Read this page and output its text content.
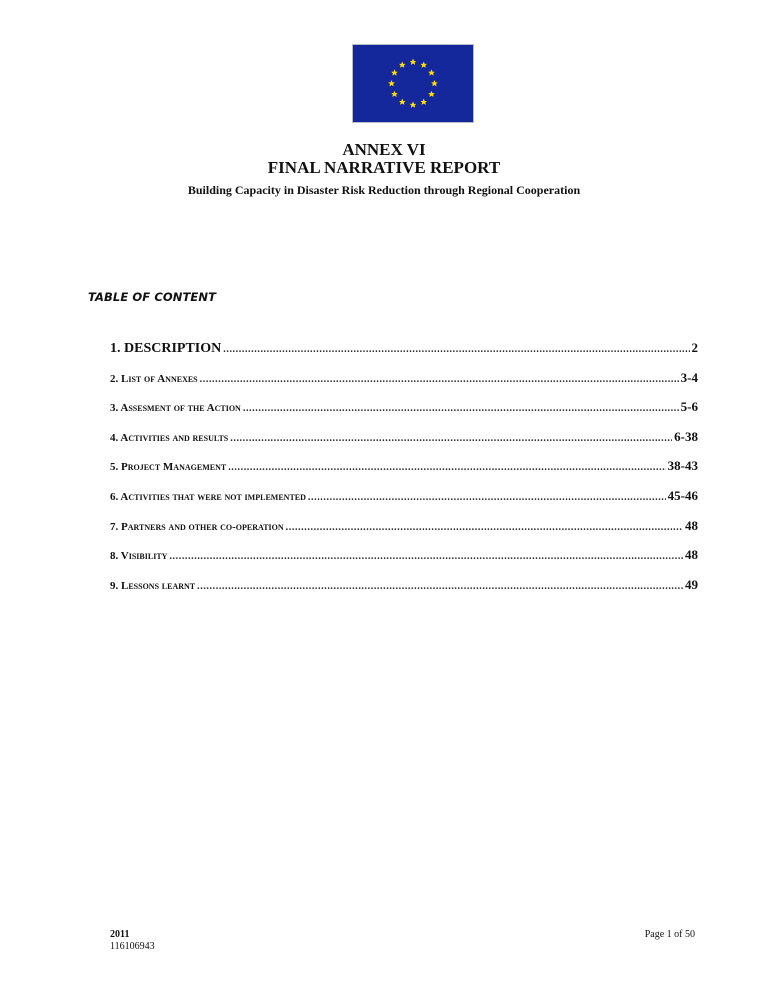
ANNEX VI
FINAL NARRATIVE REPORT
Building Capacity in Disaster Risk Reduction through Regional Cooperation
TABLE OF CONTENT
1. DESCRIPTION .....	2
2. List of Annexes .....	3-4
3. Assesment of the Action .....	5-6
4. Activities and results .....	6-38
5. Project Management .....	38-43
6. Activities that were not implemented .....	45-46
7. Partners and other co-operation .....	48
8. Visibility .....	48
9. Lessons learnt .....	49
2011
116106943
Page 1 of 50
